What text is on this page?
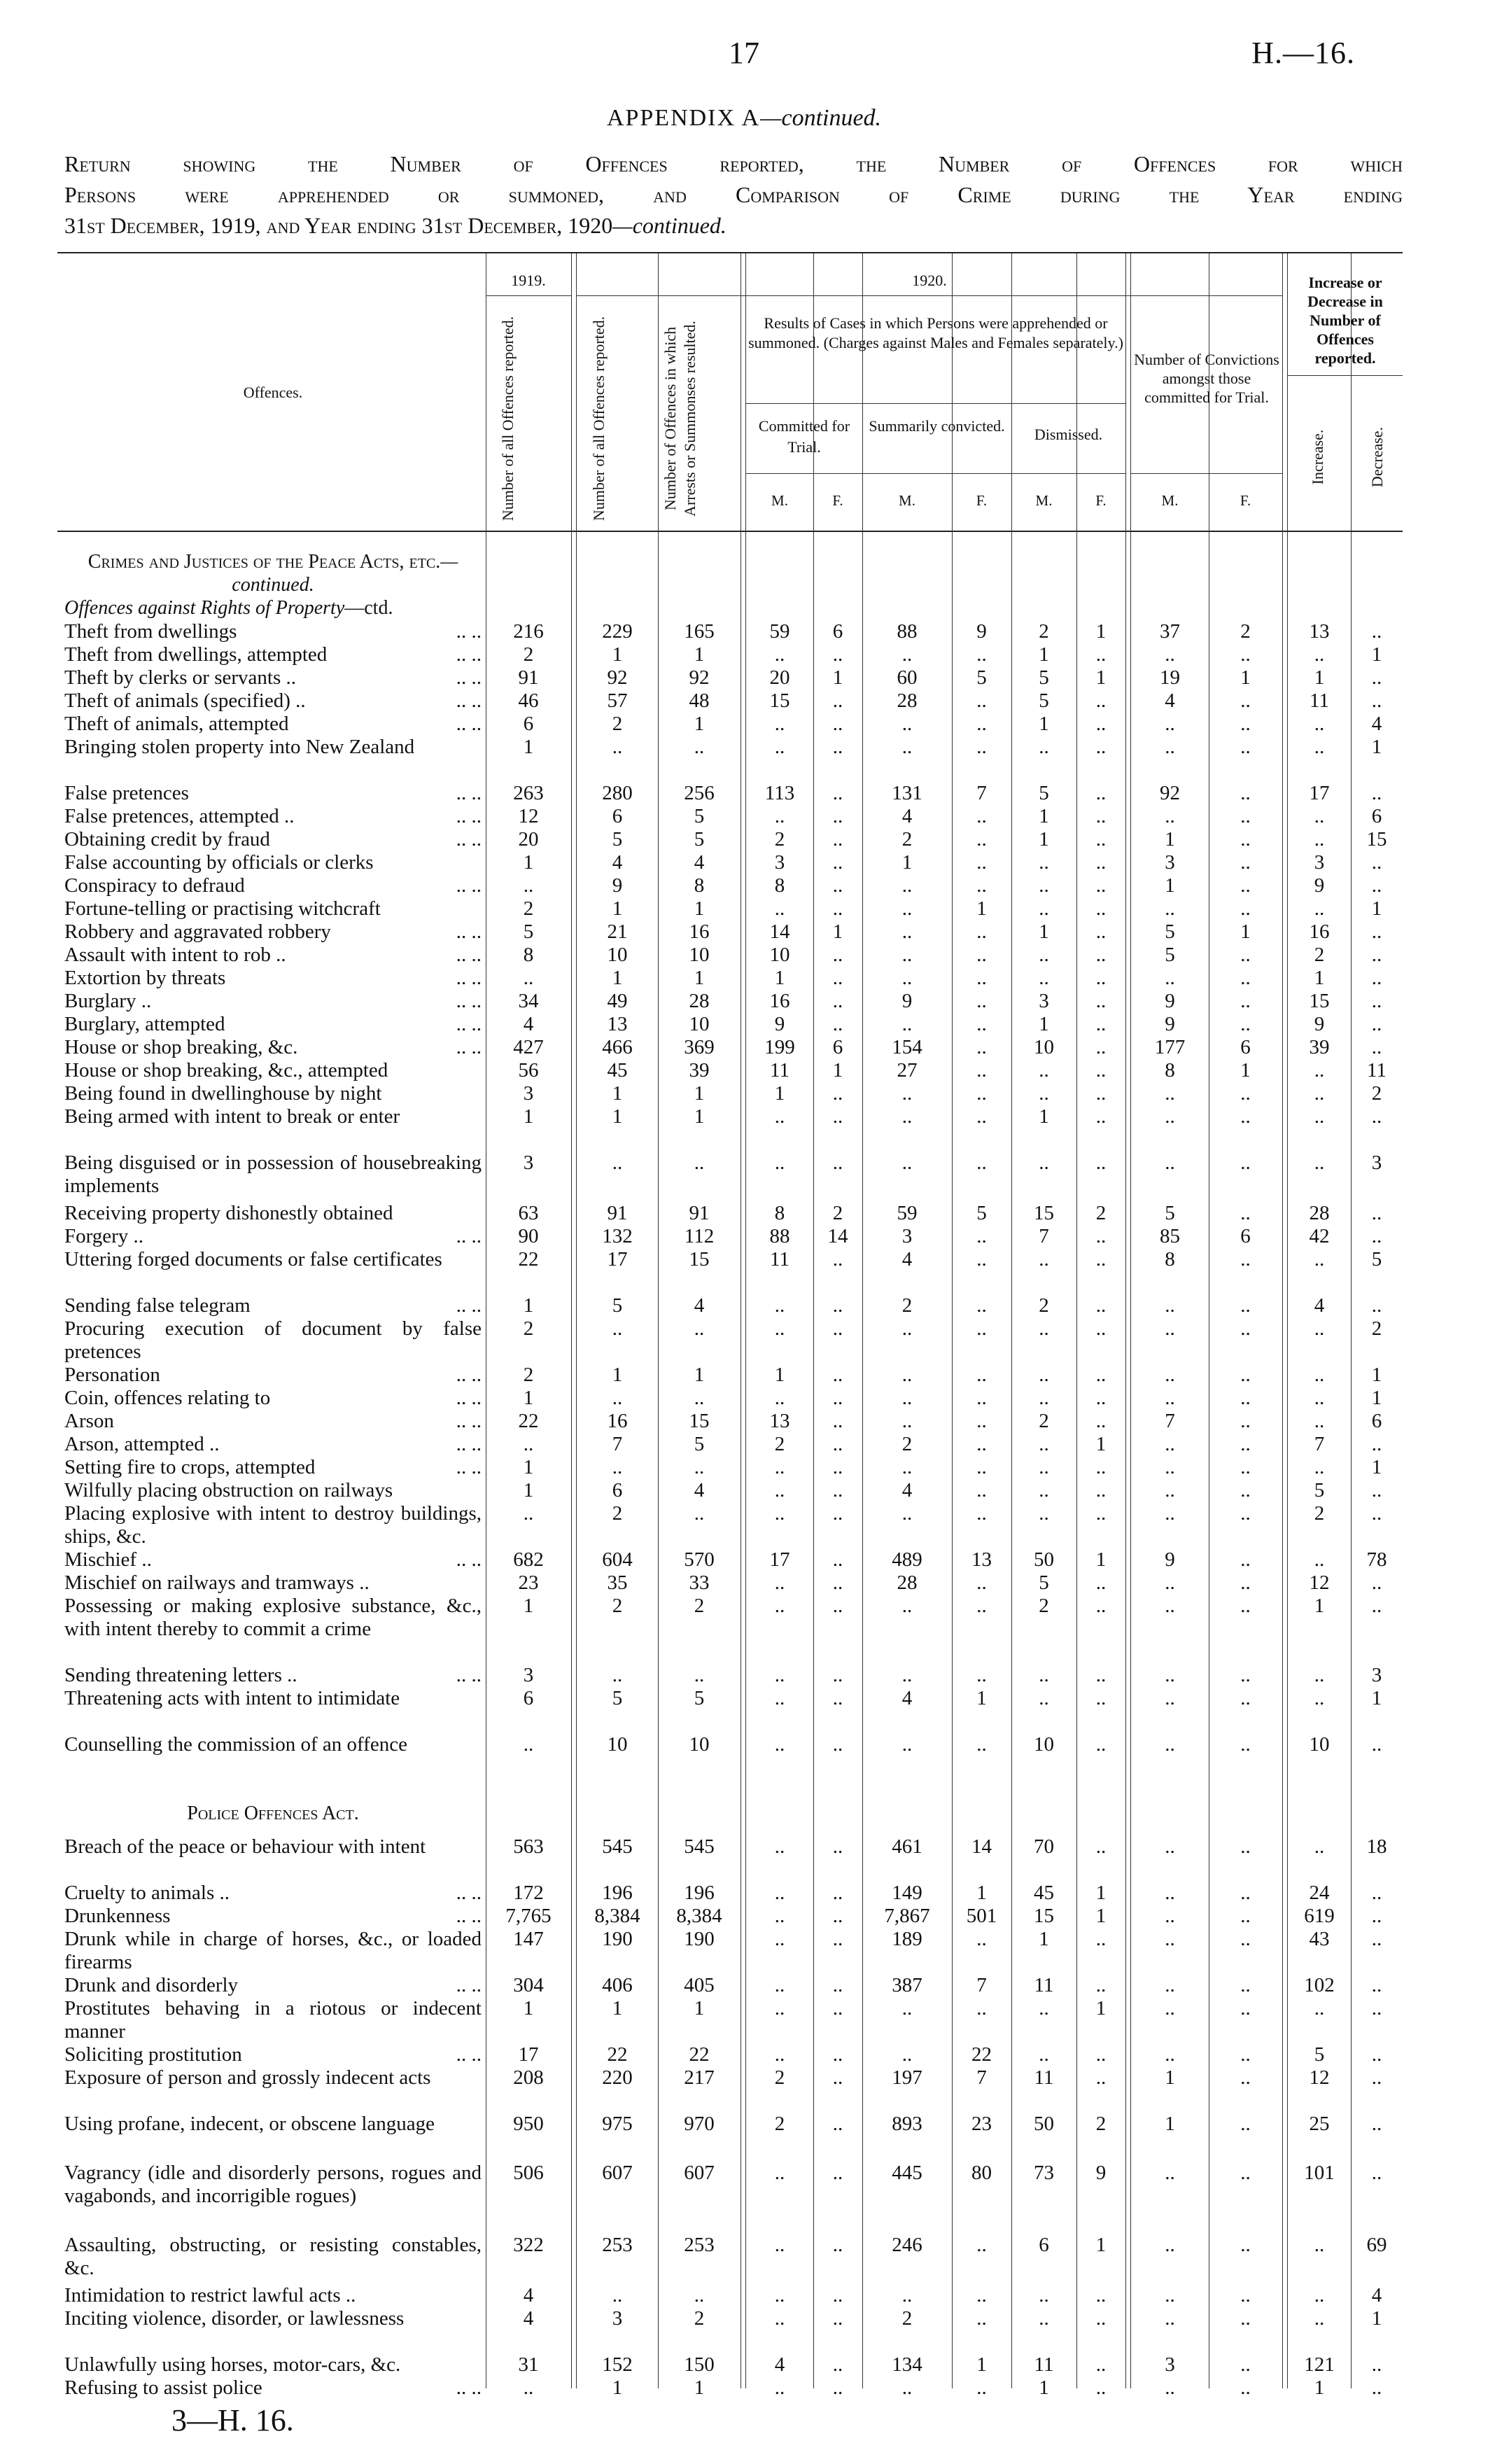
17	H.—16.
APPENDIX A—continued.
Return showing the Number of Offences reported, the Number of Offences for which
Persons were apprehended or summoned, and Comparison of Crime during the Year ending
31st December, 1919, and Year ending 31st December, 1920—continued.
Offences.
1919.	1920.
Number of all Offences reported.	Number of all Offences reported.	Number of Offences in which Arrests or Summonses resulted.	Results of Cases in which Persons were apprehended or summoned. (Charges against Males and Females separately.)
Committed for Trial.
Summarily convicted.	Dismissed.
Number of Convictions amongst those committed for Trial.
Increase or Decrease in Number of Offences reported.
Increase.	Decrease.
M.	F.	M.	F.	M.	F.	M.	F.
Crimes and Justices of the Peace Acts, etc.—continued.
Offences against Rights of Property—ctd.
Police Offences Act.
Theft from dwellings	.. ..	216	229	165	59	6	88	9	2	1	37	2	13	..
Theft from dwellings, attempted	.. ..	2	1	1	..	..	..	..	1	..	..	..	..	1
Theft by clerks or servants ..	.. ..	91	92	92	20	1	60	5	5	1	19	1	1	..
Theft of animals (specified) ..	.. ..	46	57	48	15	..	28	..	5	..	4	..	11	..
Theft of animals, attempted	.. ..	6	2	1	..	..	..	..	1	..	..	..	..	4
Bringing stolen property into New Zealand	1	..	..	..	..	..	..	..	..	..	..	..	1
False pretences	.. ..	263	280	256	113	..	131	7	5	..	92	..	17	..
False pretences, attempted ..	.. ..	12	6	5	..	..	4	..	1	..	..	..	..	6
Obtaining credit by fraud	.. ..	20	5	5	2	..	2	..	1	..	1	..	..	15
False accounting by officials or clerks	1	4	4	3	..	1	..	..	..	3	..	3	..
Conspiracy to defraud	.. ..	..	9	8	8	..	..	..	..	..	1	..	9	..
Fortune-telling or practising witchcraft	2	1	1	..	..	..	1	..	..	..	..	..	1
Robbery and aggravated robbery	.. ..	5	21	16	14	1	..	..	1	..	5	1	16	..
Assault with intent to rob ..	.. ..	8	10	10	10	..	..	..	..	..	5	..	2	..
Extortion by threats	.. ..	..	1	1	1	..	..	..	..	..	..	..	1	..
Burglary ..	.. ..	34	49	28	16	..	9	..	3	..	9	..	15	..
Burglary, attempted	.. ..	4	13	10	9	..	..	..	1	..	9	..	9	..
House or shop breaking, &c.	.. ..	427	466	369	199	6	154	..	10	..	177	6	39	..
House or shop breaking, &c., attempted	56	45	39	11	1	27	..	..	..	8	1	..	11
Being found in dwellinghouse by night	3	1	1	1	..	..	..	..	..	..	..	..	2
Being armed with intent to break or enter	1	1	1	..	..	..	..	1	..	..	..	..	..
Being disguised or in possession of housebreaking implements
3	..	..	..	..	..	..	..	..	..	..	..	3
Receiving property dishonestly obtained	63	91	91	8	2	59	5	15	2	5	..	28	..
Forgery ..	.. ..	90	132	112	88	14	3	..	7	..	85	6	42	..
Uttering forged documents or false certificates	22	17	15	11	..	4	..	..	..	8	..	..	5
Sending false telegram	.. ..	1	5	4	..	..	2	..	2	..	..	..	4	..
Procuring execution of document by false pretences
2	..	..	..	..	..	..	..	..	..	..	..	2
Personation	.. ..	2	1	1	1	..	..	..	..	..	..	..	..	1
Coin, offences relating to	.. ..	1	..	..	..	..	..	..	..	..	..	..	..	1
Arson	.. ..	22	16	15	13	..	..	..	2	..	7	..	..	6
Arson, attempted ..	.. ..	..	7	5	2	..	2	..	..	1	..	..	7	..
Setting fire to crops, attempted	.. ..	1	..	..	..	..	..	..	..	..	..	..	..	1
Wilfully placing obstruction on railways	1	6	4	..	..	4	..	..	..	..	..	5	..
Placing explosive with intent to destroy buildings, ships, &c.
..	2	..	..	..	..	..	..	..	..	..	2	..
Mischief ..	.. ..	682	604	570	17	..	489	13	50	1	9	..	..	78
Mischief on railways and tramways ..	23	35	33	..	..	28	..	5	..	..	..	12	..
Possessing or making explosive substance, &c., with intent thereby to commit a crime
1	2	2	..	..	..	..	2	..	..	..	1	..
Sending threatening letters ..	.. ..	3	..	..	..	..	..	..	..	..	..	..	..	3
Threatening acts with intent to intimidate	6	5	5	..	..	4	1	..	..	..	..	..	1
Counselling the commission of an offence	..	10	10	..	..	..	..	10	..	..	..	10	..
Breach of the peace or behaviour with intent	563	545	545	..	..	461	14	70	..	..	..	..	18
Cruelty to animals ..	.. ..	172	196	196	..	..	149	1	45	1	..	..	24	..
Drunkenness	.. ..	7,765	8,384	8,384	..	..	7,867	501	15	1	..	..	619	..
Drunk while in charge of horses, &c., or loaded firearms
147	190	190	..	..	189	..	1	..	..	..	43	..
Drunk and disorderly	.. ..	304	406	405	..	..	387	7	11	..	..	..	102	..
Prostitutes behaving in a riotous or indecent manner
1	1	1	..	..	..	..	..	1	..	..	..	..
Soliciting prostitution	.. ..	17	22	22	..	..	..	22	..	..	..	..	5	..
Exposure of person and grossly indecent acts	208	220	217	2	..	197	7	11	..	1	..	12	..
Using profane, indecent, or obscene language	950	975	970	2	..	893	23	50	2	1	..	25	..
Vagrancy (idle and disorderly persons, rogues and vagabonds, and incorrigible rogues)
506	607	607	..	..	445	80	73	9	..	..	101	..
Assaulting, obstructing, or resisting constables, &c.
322	253	253	..	..	246	..	6	1	..	..	..	69
Intimidation to restrict lawful acts ..	4	..	..	..	..	..	..	..	..	..	..	..	4
Inciting violence, disorder, or lawlessness	4	3	2	..	..	2	..	..	..	..	..	..	1
Unlawfully using horses, motor-cars, &c.	31	152	150	4	..	134	1	11	..	3	..	121	..
Refusing to assist police	.. ..	..	1	1	..	..	..	..	1	..	..	..	1	..
3—H. 16.
